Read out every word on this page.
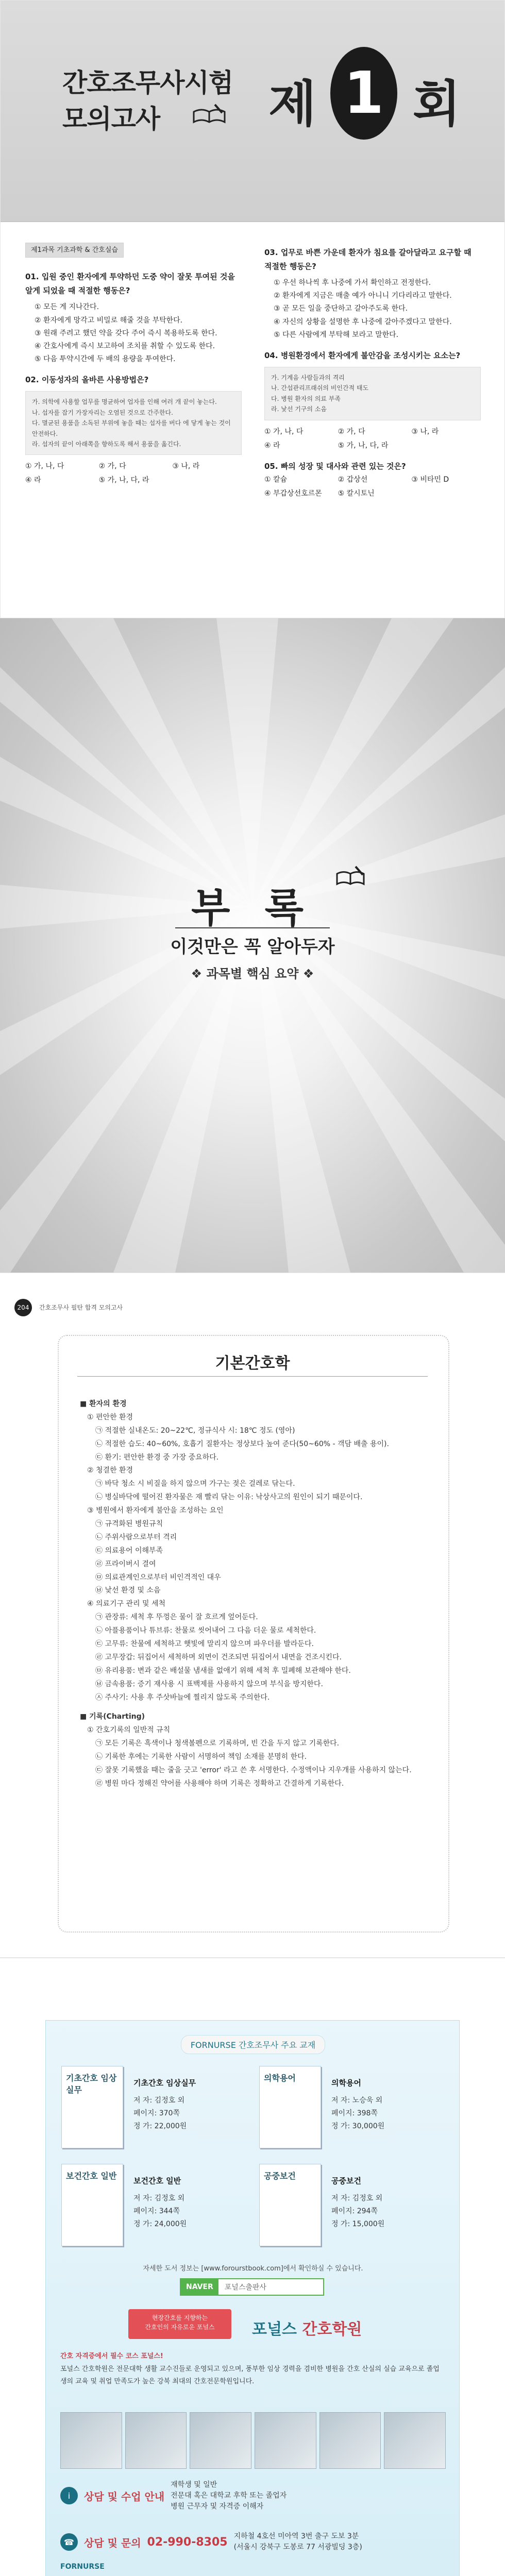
간호조무사시험
모의고사 제 1 회
제1과목 기초과학 & 간호실습
01. 입원 중인 환자에게 투약하던 도중 약이 잘못 투여된 것을 알게 되었을 때 적절한 행동은?
① 모든 게 지나간다.
② 환자에게 망각고 비밀로 해줄 것을 부탁한다.
③ 원래 주려고 했던 약을 갖다 주어 즉시 복용하도록 한다.
④ 간호사에게 즉시 보고하여 조치를 취할 수 있도록 한다.
⑤ 다음 투약시간에 두 배의 용량을 투여한다.
02. 이동성자의 올바른 사용방법은?
가. 의학에 사용할 업무를 명균하여 업자를 인해 여러 개 끝이 놓는다.
나. 섭자를 잡기 가장자리는 오염된 것으로 간주한다.
다. 멸균된 용품을 소독된 부위에 놓을 때는 섭자를 버다 에 닿게 놓는 것이 안전하다.
라. 섭자의 끝이 아래쪽을 향하도록 해서 용품을 옮긴다.
① 가, 나, 다	② 가, 다	③ 나, 라
④ 라	⑤ 가, 나, 다, 라
03. 업무로 바쁜 가운데 환자가 침요를 갈아달라고 요구할 때 적절한 행동은?
① 우선 하나씩 후 나중에 가서 확인하고 전정한다.
② 환자에게 지금은 매출 예가 아니니 기다리라고 말한다.
③ 곧 모든 일을 중단하고 갈아주도록 한다.
④ 자신의 상황을 설명한 후 나중에 갈아주겠다고 말한다.
⑤ 다른 사람에게 부탁해 보라고 말한다.
04. 병원환경에서 환자에게 불안감을 조성시키는 요소는?
가. 기계음 사람들과의 격리
나. 간섭관리프래쉬의 비인간적 태도
다. 병원 환자의 의료 부족
라. 낯선 기구의 소음
① 가, 나, 다	② 가, 다	③ 나, 라
④ 라	⑤ 가, 나, 다, 라
05. 빠의 성장 및 대사와 관련 있는 것은?
① 칼슘	② 갑상선	③ 비타민 D
④ 부갑상선호르몬	⑤ 칼시토닌
부 록
이것만은 꼭 알아두자
❖ 과목별 핵심 요약 ❖
204	간호조무사 필탄 합격 모의고사
기본간호학
■ 환자의 환경
① 편안한 환경
㉠ 적절한 실내온도: 20~22℃, 정규식사 시: 18℃ 정도 (영아)
㉡ 적절한 습도: 40~60%, 호흡기 질환자는 정상보다 높여 준다(50~60% - 객담 배출 용이).
㉢ 환기: 편안한 환경 중 가장 중요하다.
② 청결한 환경
㉠ 바닥 청소 시 비질을 하지 않으며 가구는 젖은 걸레로 닦는다.
㉡ 병실바닥에 떨어진 환자물은 재 빨리 닦는 이유: 낙상사고의 원인이 되기 때문이다.
③ 병원에서 환자에게 불안을 조성하는 요인
㉠ 규격화된 병원규칙
㉡ 주위사람으로부터 격리
㉢ 의료용어 이해부족
㉣ 프라이버시 결여
㉤ 의료관계인으로부터 비인격적인 대우
㉥ 낯선 환경 및 소음
④ 의료기구 관리 및 세척
㉠ 관장류: 세척 후 뚜껑은 물이 잘 흐르게 엎어둔다.
㉡ 아플용품이나 튜브류: 찬물로 씻어내어 그 다음 더운 물로 세척한다.
㉢ 고무류: 찬물에 세척하고 햇빛에 말리지 않으며 파우더를 발라둔다.
㉣ 고무장갑: 뒤집어서 세척하며 외면이 건조되면 뒤집어서 내면을 건조시킨다.
㉤ 유리용품: 변과 같은 배설물 냄새를 없애기 위해 세척 후 밀폐해 보관해야 한다.
㉥ 금속용품: 증기 재사용 시 표백제를 사용하지 않으며 부식을 방지한다.
㉦ 주사기: 사용 후 주삿바늘에 찔리지 않도록 주의한다.
■ 기록(Charting)
① 간호기록의 일반적 규칙
㉠ 모든 기록은 흑색이나 청색볼펜으로 기록하며, 빈 간을 두지 않고 기록한다.
㉡ 기록한 후에는 기록한 사람이 서명하여 책임 소재를 분명히 한다.
㉢ 잘못 기록했을 때는 줄을 긋고 'error' 라고 쓴 후 서명한다. 수정액이나 지우개를 사용하지 않는다.
㉣ 병원 마다 정해진 약어를 사용해야 하며 기록은 정확하고 간결하게 기록한다.
FORNURSE 간호조무사 주요 교재
기초간호 임상실무
기초간호 임상실무
저 자: 김정호 외
페이지: 370쪽
정 가: 22,000원
의학용어	의학용어
저 자: 노승욱 외
페이지: 398쪽
정 가: 30,000원
보건간호 일반 보건간호 일반
저 자: 김정호 외
페이지: 344쪽
정 가: 24,000원
공중보건	공중보건
저 자: 김정호 외
페이지: 294쪽
정 가: 15,000원
자세한 도서 정보는 [www.forourstbook.com]에서 확인하실 수 있습니다.
NAVER	포널스출판사
현장간호를 지향하는
간호인의 자유로운 포널스	포널스 간호학원
간호 자격증에서 필수 코스 포널스!
포널스 간호학원은 전문대학 생활 교수진들로 운영되고 있으며, 풍부한 임상 경력을 겸비한 병원을 간호 산실의 실습 교육으로 졸업생의 교육 및 취업 만족도가 높은 강북 최대의 간호전문학원입니다.
i	상담 및 수업 안내
재학생 및 일반
전문대 혹은 대학교 후학 또는 졸업자
병원 근무자 및 자격증 이해자
☎ 상담 및 문의 02-990-8305 지하철 4호선 미아역 3번 출구 도보 3분
(서울시 강북구 도봉로 77 서광빌딩 3층)
FORNURSE
